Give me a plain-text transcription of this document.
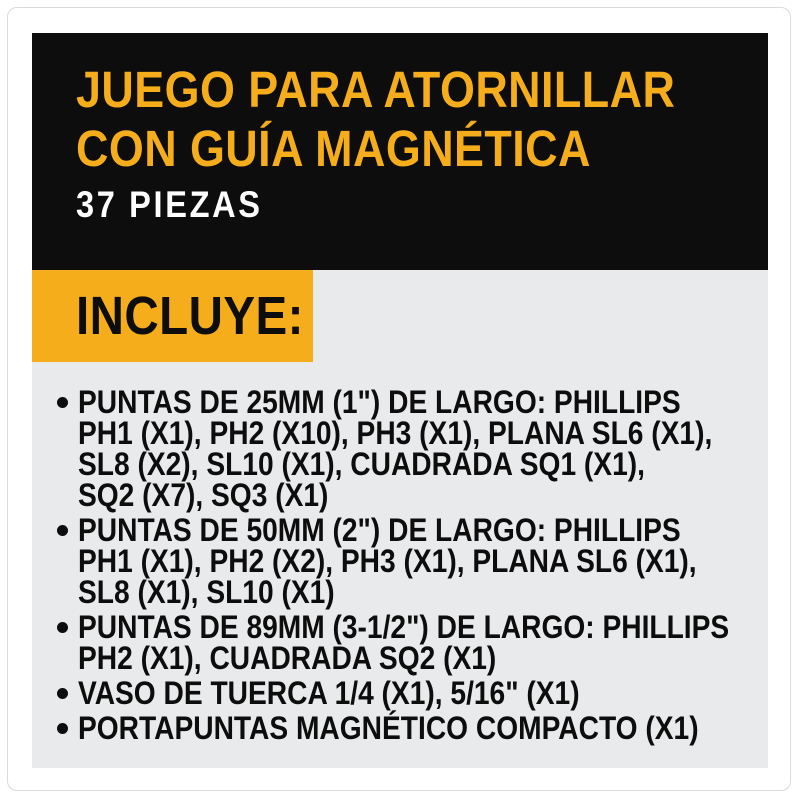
JUEGO PARA ATORNILLAR
CON GUÍA MAGNÉTICA
37 PIEZAS
INCLUYE:
PUNTAS DE 25MM (1") DE LARGO: PHILLIPS
PH1 (X1), PH2 (X10), PH3 (X1), PLANA SL6 (X1),
SL8 (X2), SL10 (X1), CUADRADA SQ1 (X1),
SQ2 (X7), SQ3 (X1)
PUNTAS DE 50MM (2") DE LARGO: PHILLIPS
PH1 (X1), PH2 (X2), PH3 (X1), PLANA SL6 (X1),
SL8 (X1), SL10 (X1)
PUNTAS DE 89MM (3-1/2") DE LARGO: PHILLIPS
PH2 (X1), CUADRADA SQ2 (X1)
VASO DE TUERCA 1/4 (X1), 5/16" (X1)
PORTAPUNTAS MAGNÉTICO COMPACTO (X1)
